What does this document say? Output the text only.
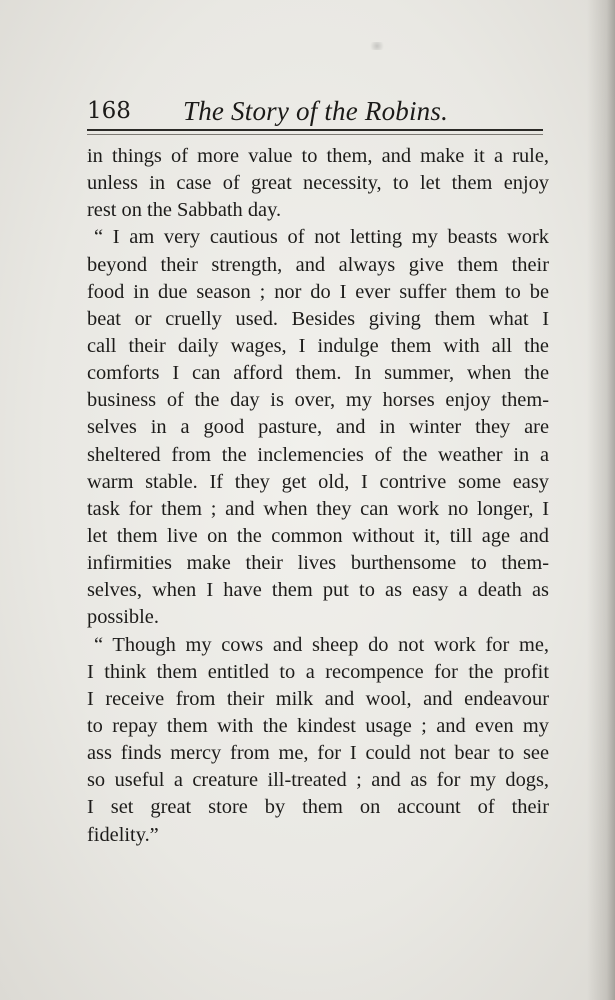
168 The Story of the Robins.
in things of more value to them, and make it a rule,
unless in case of great necessity, to let them enjoy
rest on the Sabbath day.
“ I am very cautious of not letting my beasts work
beyond their strength, and always give them their
food in due season ; nor do I ever suffer them to be
beat or cruelly used. Besides giving them what I
call their daily wages, I indulge them with all the
comforts I can afford them. In summer, when the
business of the day is over, my horses enjoy them-
selves in a good pasture, and in winter they are
sheltered from the inclemencies of the weather in a
warm stable. If they get old, I contrive some easy
task for them ; and when they can work no longer, I
let them live on the common without it, till age and
infirmities make their lives burthensome to them-
selves, when I have them put to as easy a death as
possible.
“ Though my cows and sheep do not work for me,
I think them entitled to a recompence for the profit
I receive from their milk and wool, and endeavour
to repay them with the kindest usage ; and even my
ass finds mercy from me, for I could not bear to see
so useful a creature ill-treated ; and as for my dogs,
I set great store by them on account of their
fidelity.”
